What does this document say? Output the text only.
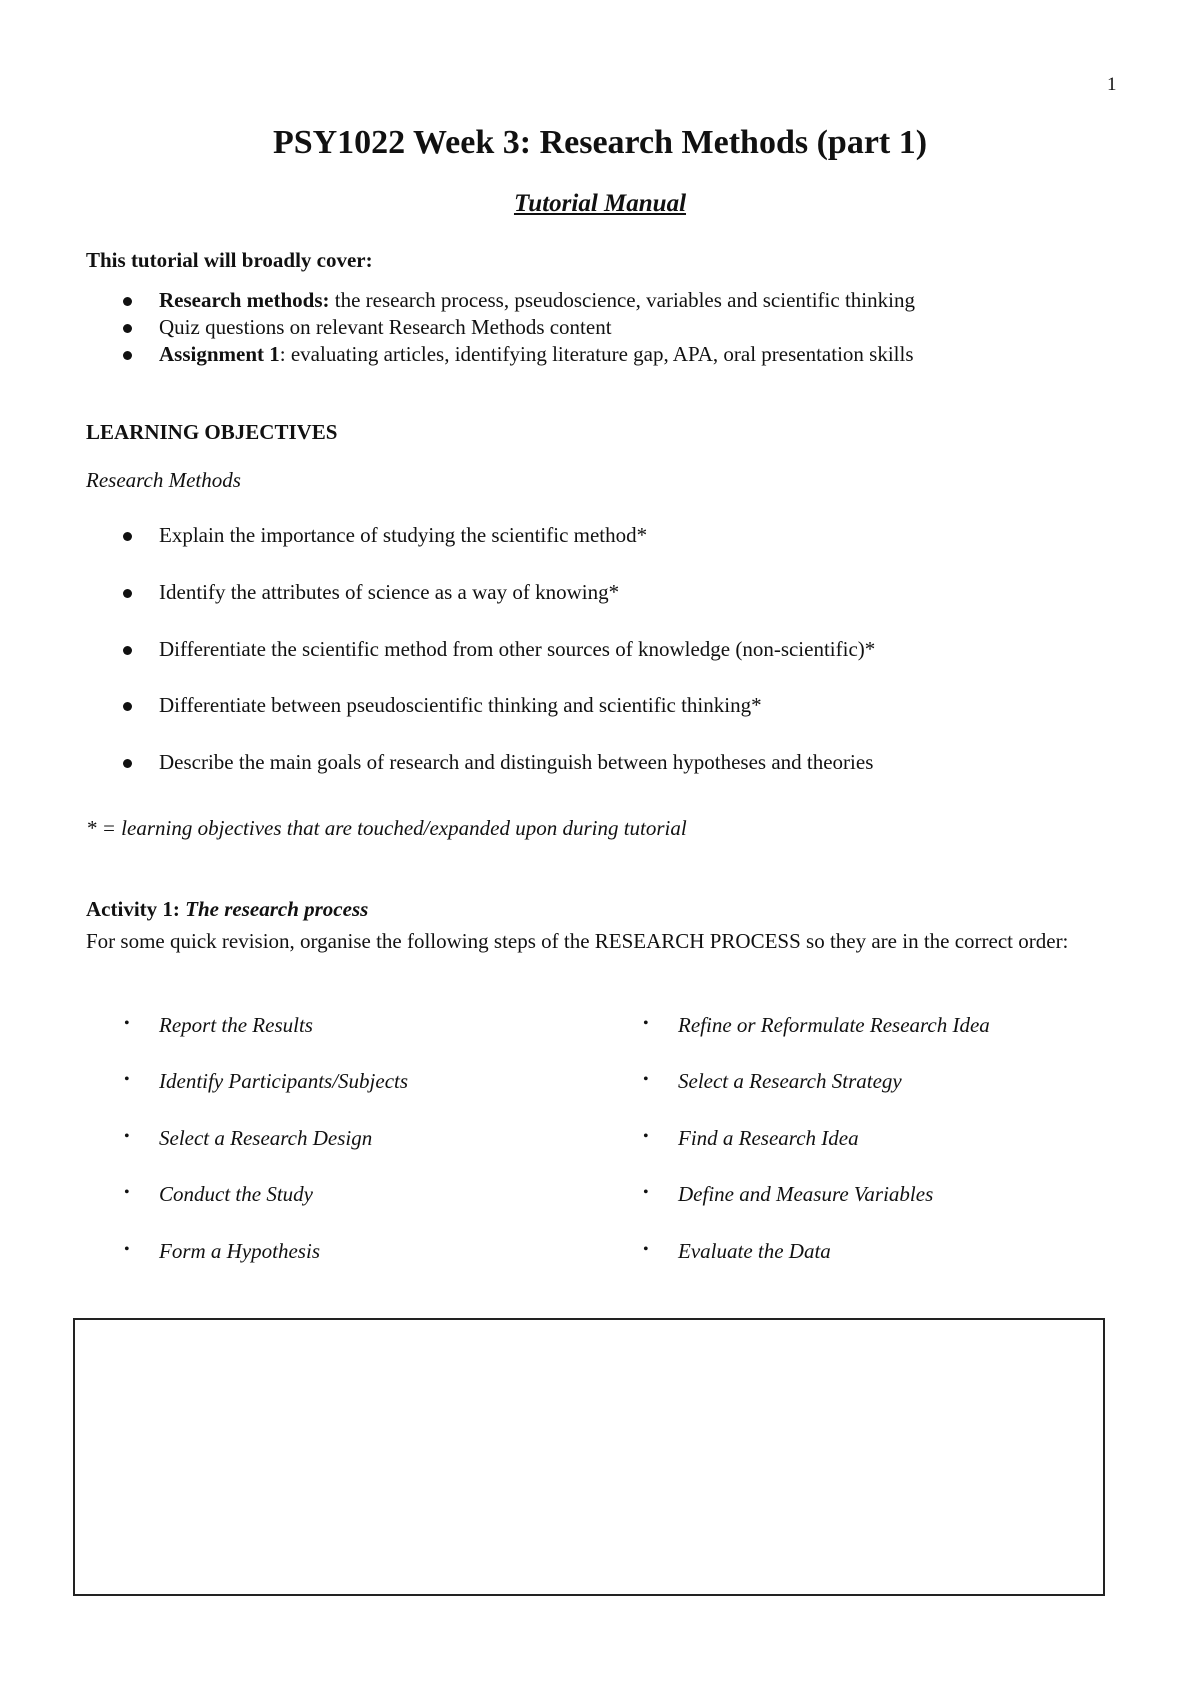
1
PSY1022 Week 3: Research Methods (part 1)
Tutorial Manual
This tutorial will broadly cover:
Research methods: the research process, pseudoscience, variables and scientific thinking
Quiz questions on relevant Research Methods content
Assignment 1: evaluating articles, identifying literature gap, APA, oral presentation skills
LEARNING OBJECTIVES
Research Methods
Explain the importance of studying the scientific method*
Identify the attributes of science as a way of knowing*
Differentiate the scientific method from other sources of knowledge (non-scientific)*
Differentiate between pseudoscientific thinking and scientific thinking*
Describe the main goals of research and distinguish between hypotheses and theories
* = learning objectives that are touched/expanded upon during tutorial
Activity 1: The research process
For some quick revision, organise the following steps of the RESEARCH PROCESS so they are in the correct order:
• Report the Results
• Identify Participants/Subjects
• Select a Research Design
• Conduct the Study
• Form a Hypothesis
• Refine or Reformulate Research Idea
• Select a Research Strategy
• Find a Research Idea
• Define and Measure Variables
• Evaluate the Data
